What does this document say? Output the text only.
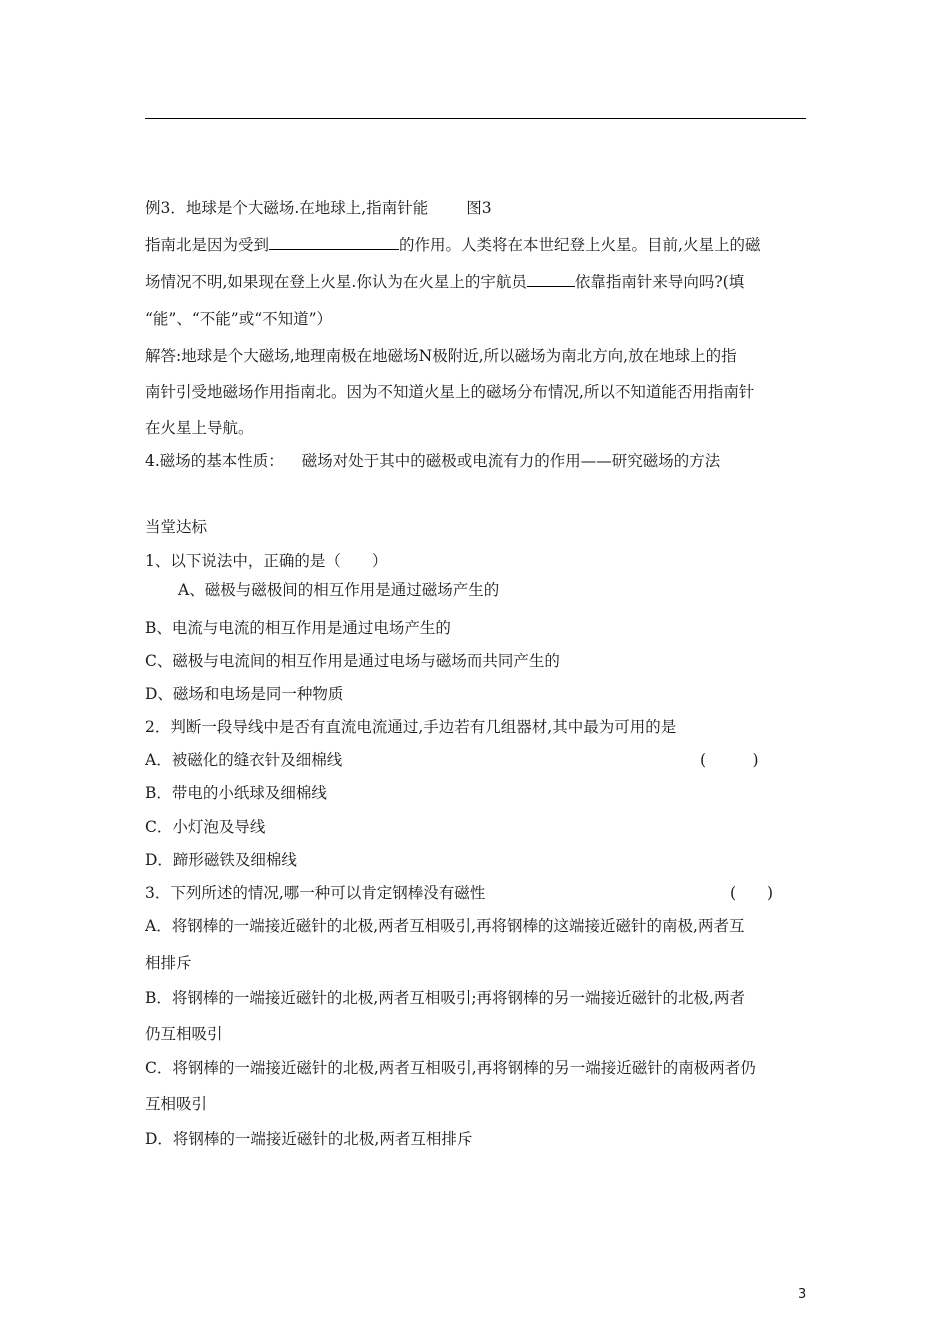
例3．地球是个大磁场.在地球上,指南针能 图3
指南北是因为受到	的作用。人类将在本世纪登上火星。目前,火星上的磁
场情况不明,如果现在登上火星.你认为在火星上的宇航员	依靠指南针来导向吗?(填
“能”、“不能”或“不知道”）
解答:地球是个大磁场,地理南极在地磁场N极附近,所以磁场为南北方向,放在地球上的指
南针引受地磁场作用指南北。因为不知道火星上的磁场分布情况,所以不知道能否用指南针
在火星上导航。
4.磁场的基本性质： 磁场对处于其中的磁极或电流有力的作用——研究磁场的方法
当堂达标
1、以下说法中，正确的是（　　）
A、磁极与磁极间的相互作用是通过磁场产生的
B、电流与电流的相互作用是通过电场产生的
C、磁极与电流间的相互作用是通过电场与磁场而共同产生的
D、磁场和电场是同一种物质
2．判断一段导线中是否有直流电流通过,手边若有几组器材,其中最为可用的是
A．被磁化的缝衣针及细棉线	(　　　)
B．带电的小纸球及细棉线
C．小灯泡及导线
D．蹄形磁铁及细棉线
3．下列所述的情况,哪一种可以肯定钢棒没有磁性	(　　)
A．将钢棒的一端接近磁针的北极,两者互相吸引,再将钢棒的这端接近磁针的南极,两者互
相排斥
B．将钢棒的一端接近磁针的北极,两者互相吸引;再将钢棒的另一端接近磁针的北极,两者
仍互相吸引
C．将钢棒的一端接近磁针的北极,两者互相吸引,再将钢棒的另一端接近磁针的南极两者仍
互相吸引
D．将钢棒的一端接近磁针的北极,两者互相排斥
3
